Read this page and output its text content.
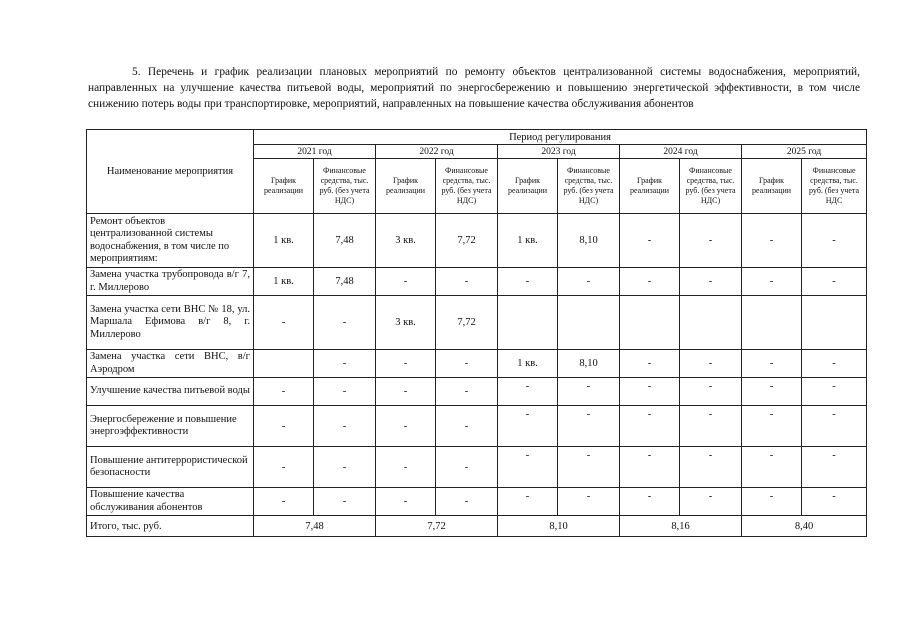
5. Перечень и график реализации плановых мероприятий по ремонту объектов централизованной системы водоснабжения, мероприятий, направленных на улучшение качества питьевой воды, мероприятий по энергосбережению и повышению энергетической эффективности, в том числе снижению потерь воды при транспортировке, мероприятий, направленных на повышение качества обслуживания абонентов

Наименование мероприятия	Период регулирования									
	2021 год		2022 год		2023 год		2024 год		2025 год	
	График реализации	Финансовые средства, тыс. руб. (без учета НДС)	График реализации	Финансовые средства, тыс. руб. (без учета НДС)	График реализации	Финансовые средства, тыс. руб. (без учета НДС)	График реализации	Финансовые средства, тыс. руб. (без учета НДС)	График реализации	Финансовые средства, тыс. руб. (без учета НДС
Ремонт объектов централизованной системы водоснабжения, в том числе по мероприятиям:	1 кв.	7,48	3 кв.	7,72	1 кв.	8,10	-	-	-	-
Замена участка трубопровода в/г 7, г. Миллерово	1 кв.	7,48	-	-	-	-	-	-	-	-
Замена участка сети ВНС № 18, ул. Маршала Ефимова в/г 8, г. Миллерово	-	-	3 кв.	7,72						
Замена участка сети ВНС, в/г Аэродром		-	-	-	1 кв.	8,10	-	-	-	-
Улучшение качества питьевой воды	-	-	-	-	-	-	-	-	-	-
Энергосбережение и повышение энергоэффективности	-	-	-	-	-	-	-	-	-	-
Повышение антитеррористической безопасности	-	-	-	-	-	-	-	-	-	-
Повышение качества обслуживания абонентов	-	-	-	-	-	-	-	-	-	-
Итого, тыс. руб.	7,48		7,72		8,10		8,16		8,40	
